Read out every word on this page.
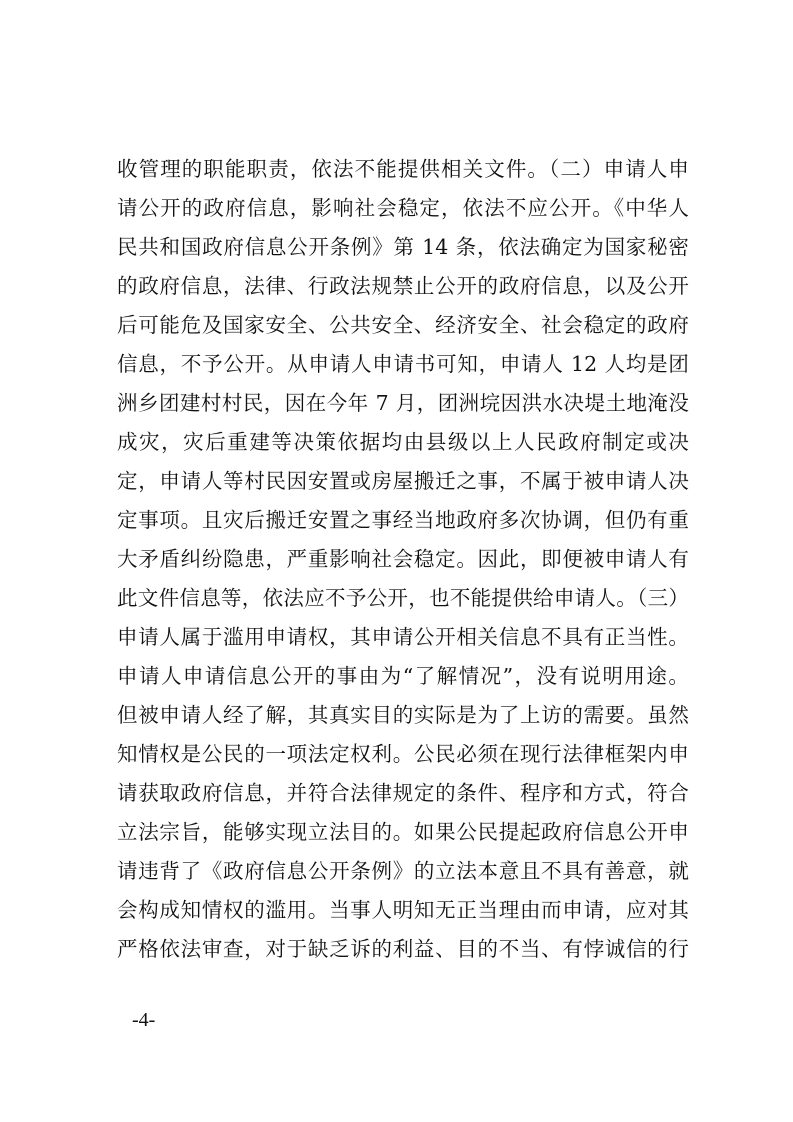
收管理的职能职责，依法不能提供相关文件。（二）申请人申
请公开的政府信息，影响社会稳定，依法不应公开。《中华人
民共和国政府信息公开条例》第 14 条，依法确定为国家秘密
的政府信息，法律、行政法规禁止公开的政府信息，以及公开
后可能危及国家安全、公共安全、经济安全、社会稳定的政府
信息，不予公开。从申请人申请书可知，申请人 12 人均是团
洲乡团建村村民，因在今年 7 月，团洲垸因洪水决堤土地淹没
成灾，灾后重建等决策依据均由县级以上人民政府制定或决
定，申请人等村民因安置或房屋搬迁之事，不属于被申请人决
定事项。且灾后搬迁安置之事经当地政府多次协调，但仍有重
大矛盾纠纷隐患，严重影响社会稳定。因此，即便被申请人有
此文件信息等，依法应不予公开，也不能提供给申请人。（三）
申请人属于滥用申请权，其申请公开相关信息不具有正当性。
申请人申请信息公开的事由为“了解情况”，没有说明用途。
但被申请人经了解，其真实目的实际是为了上访的需要。虽然
知情权是公民的一项法定权利。公民必须在现行法律框架内申
请获取政府信息，并符合法律规定的条件、程序和方式，符合
立法宗旨，能够实现立法目的。如果公民提起政府信息公开申
请违背了《政府信息公开条例》的立法本意且不具有善意，就
会构成知情权的滥用。当事人明知无正当理由而申请，应对其
严格依法审查，对于缺乏诉的利益、目的不当、有悖诚信的行
-4-
